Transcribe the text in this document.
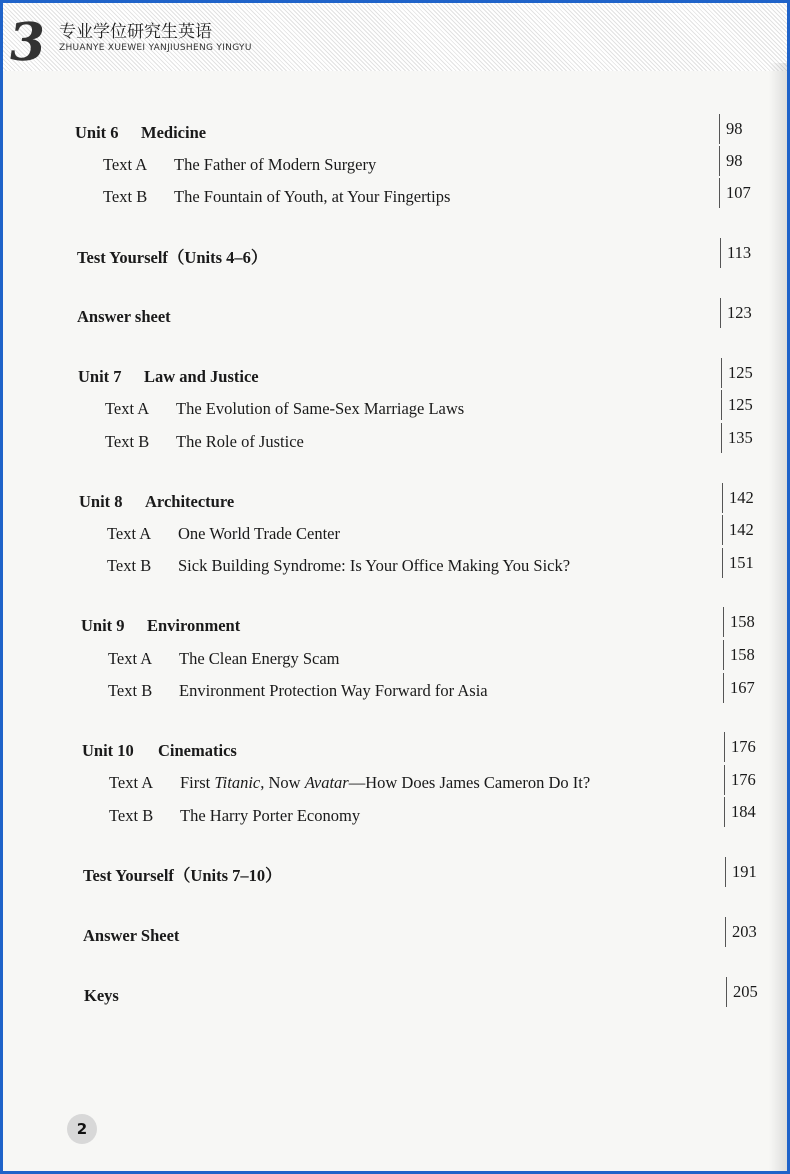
3 专业学位研究生英语
ZHUANYE XUEWEI YANJIUSHENG YINGYU
Unit 6 Medicine	98
Text A The Father of Modern Surgery	98
Text B The Fountain of Youth, at Your Fingertips	107
Test Yourself（Units 4–6）	113
Answer sheet	123
Unit 7 Law and Justice	125
Text A The Evolution of Same-Sex Marriage Laws	125
Text B The Role of Justice	135
Unit 8 Architecture	142
Text A One World Trade Center	142
Text B Sick Building Syndrome: Is Your Office Making You Sick?	151
Unit 9 Environment	158
Text A The Clean Energy Scam	158
Text B Environment Protection Way Forward for Asia	167
Unit 10 Cinematics	176
Text A First Titanic, Now Avatar—How Does James Cameron Do It?	176
Text B The Harry Porter Economy	184
Test Yourself（Units 7–10）	191
Answer Sheet	203
Keys	205
2
